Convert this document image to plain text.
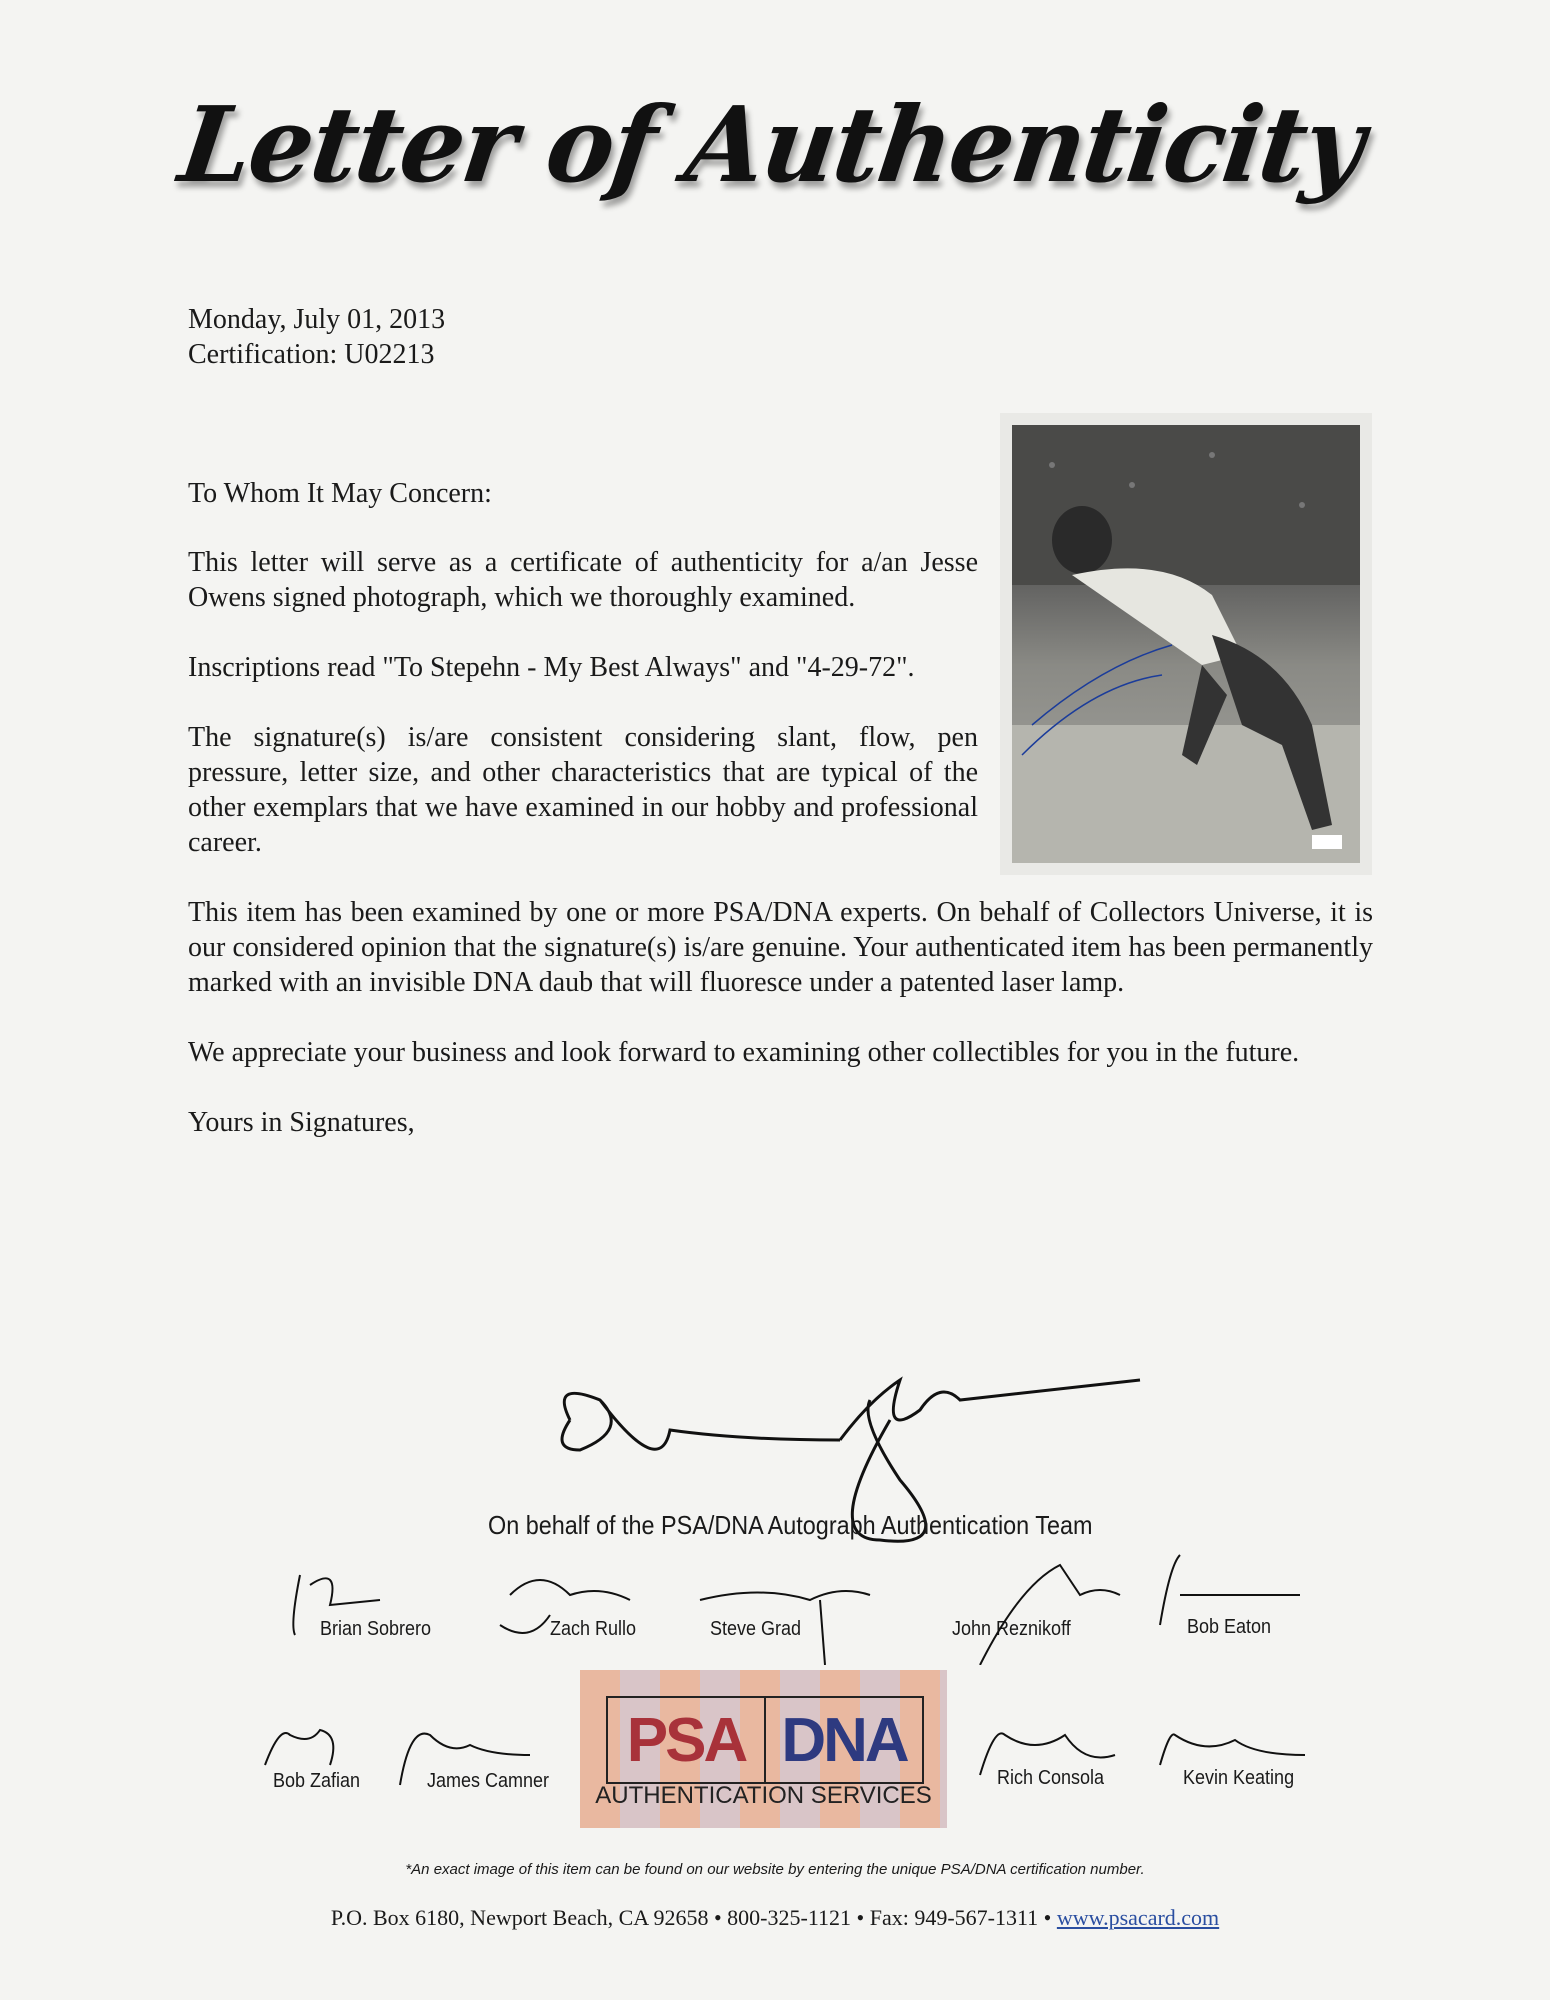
Letter of Authenticity
Monday, July 01, 2013
Certification: U02213
To Whom It May Concern:

This letter will serve as a certificate of authenticity for a/an Jesse Owens signed photograph, which we thoroughly examined.

Inscriptions read "To Stepehn - My Best Always" and "4-29-72".

The signature(s) is/are consistent considering slant, flow, pen pressure, letter size, and other characteristics that are typical of the other exemplars that we have examined in our hobby and professional career.

This item has been examined by one or more PSA/DNA experts. On behalf of Collectors Universe, it is our considered opinion that the signature(s) is/are genuine. Your authenticated item has been permanently marked with an invisible DNA daub that will fluoresce under a patented laser lamp.

We appreciate your business and look forward to examining other collectibles for you in the future.

Yours in Signatures,
On behalf of the PSA/DNA Autograph Authentication Team
Brian Sobrero	Zach Rullo	Steve Grad	John Reznikoff	Bob Eaton
Bob Zafian	James Camner	Rich Consola	Kevin Keating
PSA DNA
AUTHENTICATION SERVICES
*An exact image of this item can be found on our website by entering the unique PSA/DNA certification number.
P.O. Box 6180, Newport Beach, CA 92658 • 800-325-1121 • Fax: 949-567-1311 • www.psacard.com
